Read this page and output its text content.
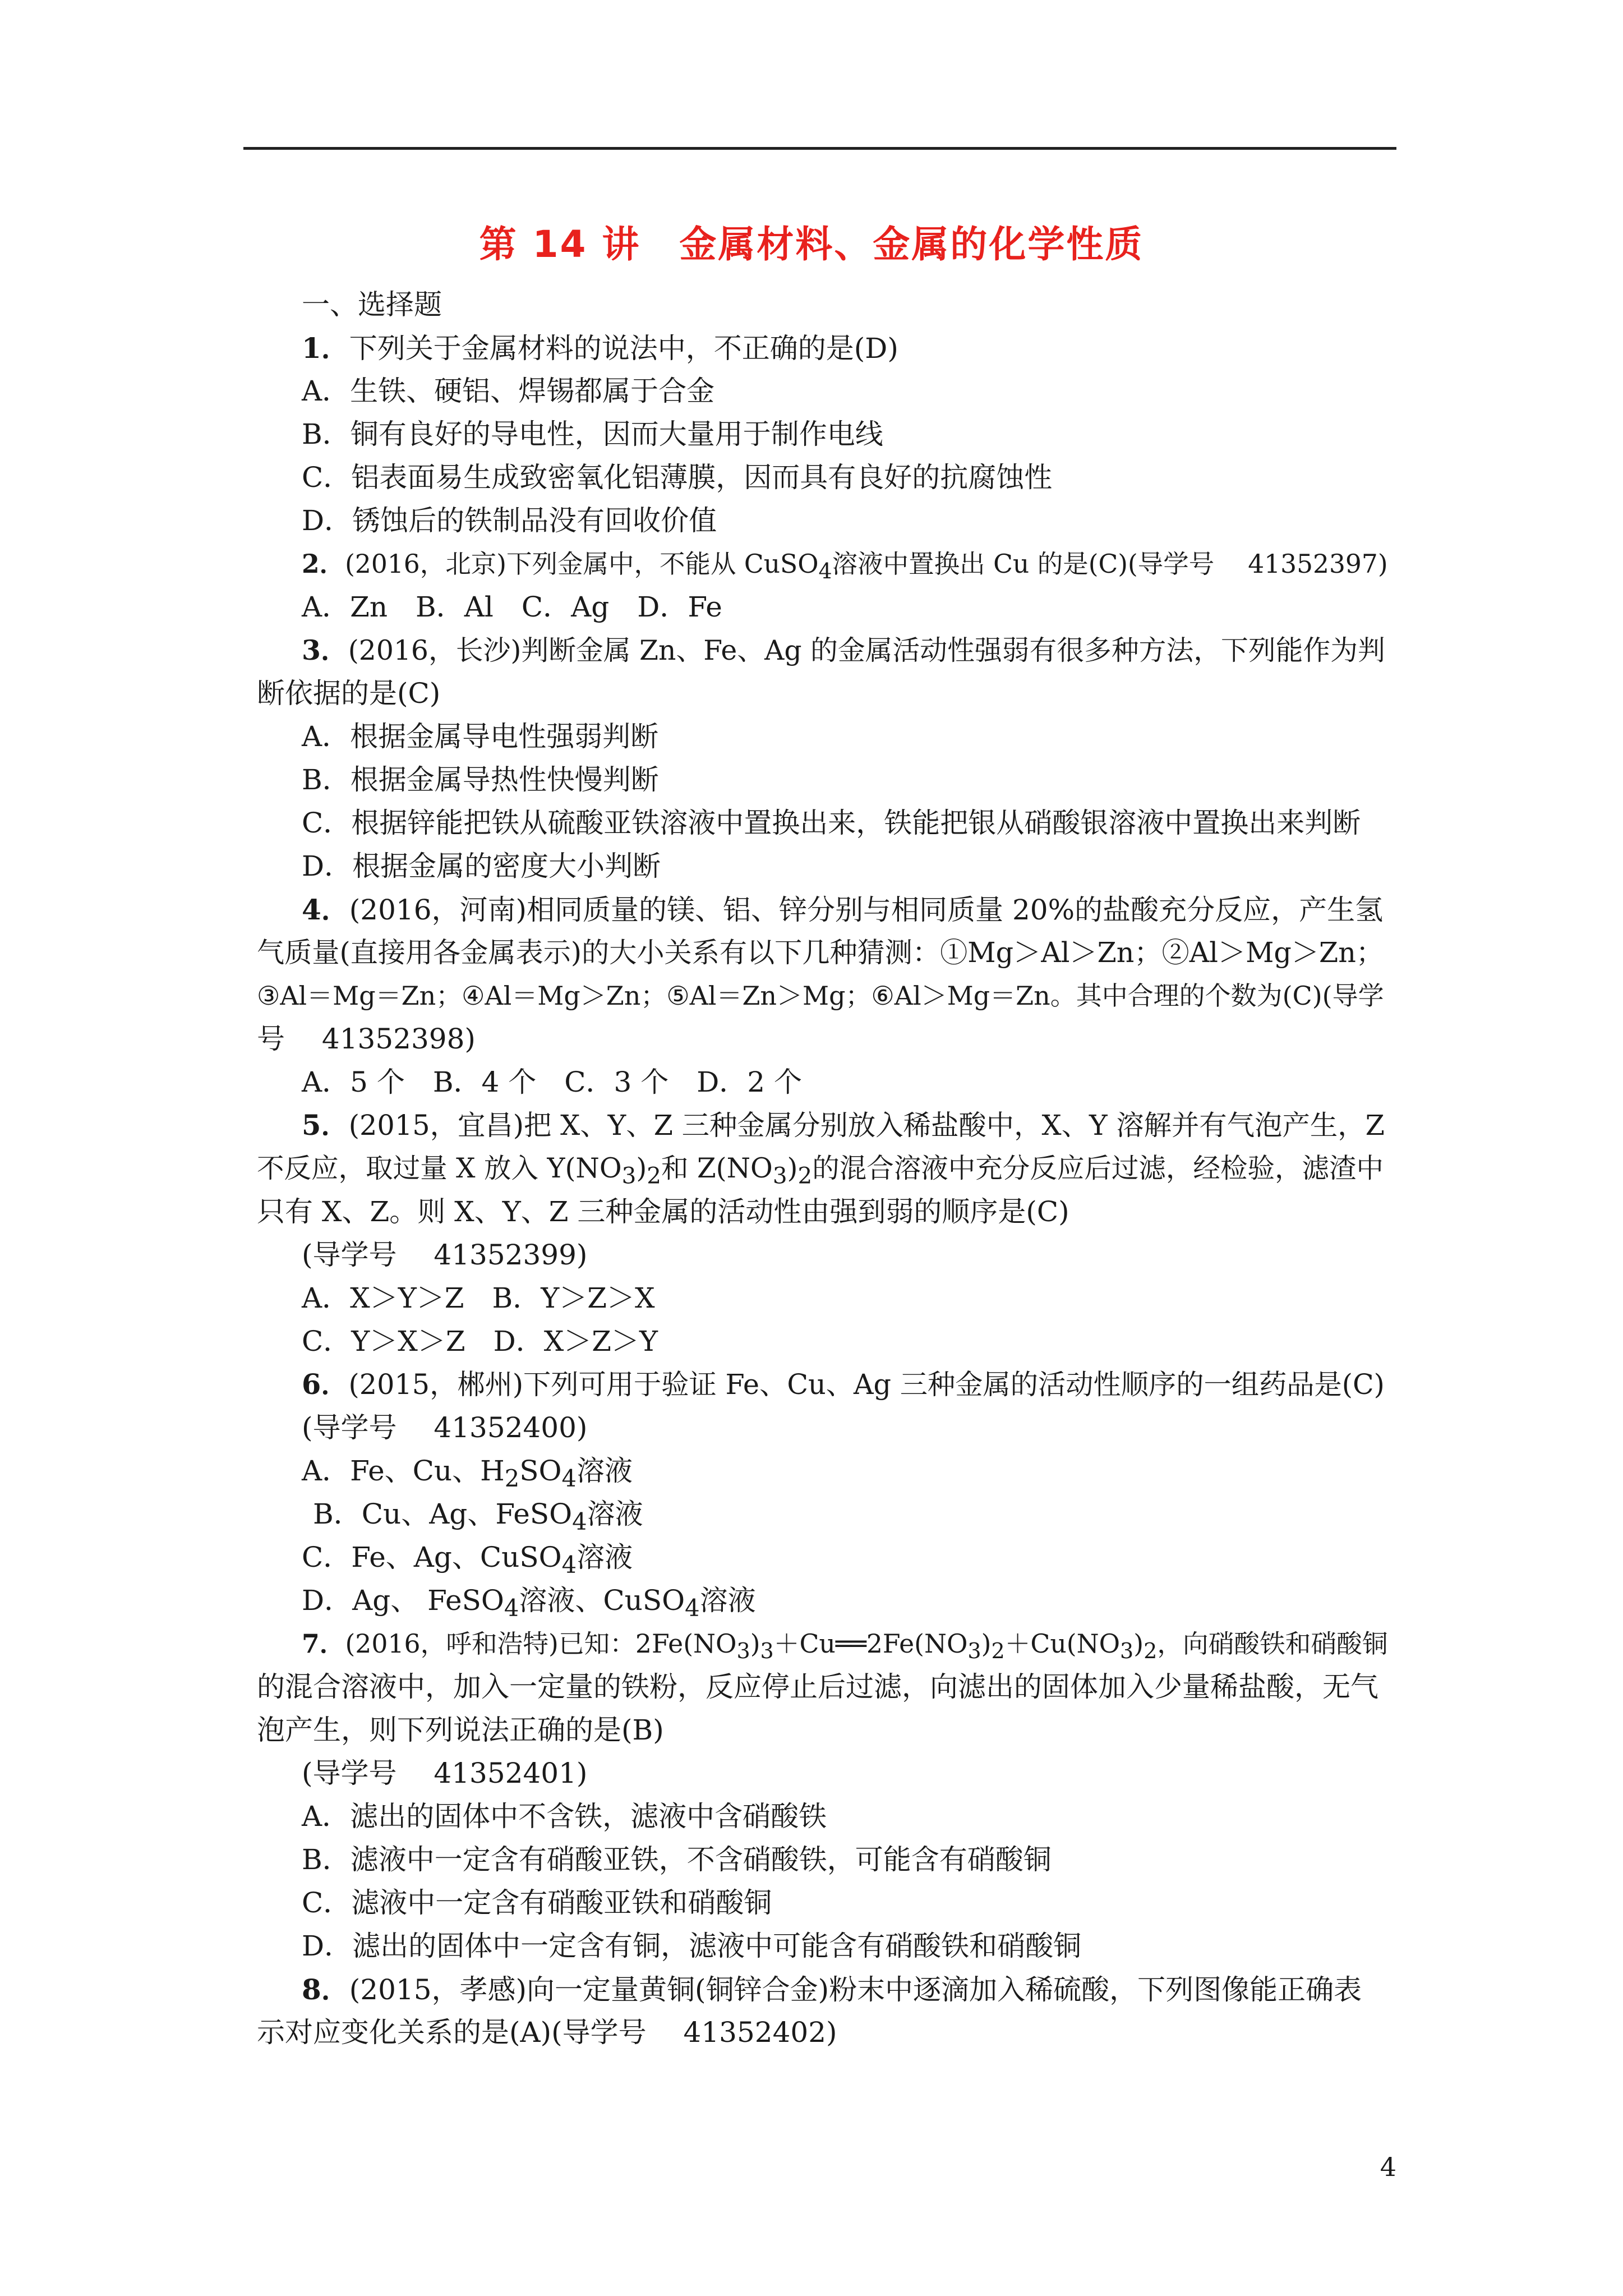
第 14 讲　金属材料、金属的化学性质
一、选择题
1．下列关于金属材料的说法中，不正确的是(D)
A．生铁、硬铝、焊锡都属于合金
B．铜有良好的导电性，因而大量用于制作电线
C．铝表面易生成致密氧化铝薄膜，因而具有良好的抗腐蚀性
D．锈蚀后的铁制品没有回收价值
2．(2016，北京)下列金属中，不能从 CuSO$_4$溶液中置换出 Cu 的是(C)(导学号　 41352397)
A．Zn　B．Al　C．Ag　D．Fe
3．(2016，长沙)判断金属 Zn、Fe、Ag 的金属活动性强弱有很多种方法，下列能作为判
断依据的是(C)
A．根据金属导电性强弱判断
B．根据金属导热性快慢判断
C．根据锌能把铁从硫酸亚铁溶液中置换出来，铁能把银从硝酸银溶液中置换出来判断
D．根据金属的密度大小判断
4．(2016，河南)相同质量的镁、铝、锌分别与相同质量 20%的盐酸充分反应，产生氢
气质量(直接用各金属表示)的大小关系有以下几种猜测：①Mg＞Al＞Zn；②Al＞Mg＞Zn；
③Al＝Mg＝Zn；④Al＝Mg＞Zn；⑤Al＝Zn＞Mg；⑥Al＞Mg＝Zn。其中合理的个数为(C)(导学
号　 41352398)
A．5 个　B．4 个　C．3 个　D．2 个
5．(2015，宜昌)把 X、Y、Z 三种金属分别放入稀盐酸中，X、Y 溶解并有气泡产生，Z
不反应，取过量 X 放入 $Y(NO_3)_2$和 $Z(NO_3)_2$的混合溶液中充分反应后过滤，经检验，滤渣中
只有 X、Z。则 X、Y、Z 三种金属的活动性由强到弱的顺序是(C)
(导学号　 41352399)
A．X＞Y＞Z　B．Y＞Z＞X
C．Y＞X＞Z　D．X＞Z＞Y
6．(2015，郴州)下列可用于验证 Fe、Cu、Ag 三种金属的活动性顺序的一组药品是(C)
(导学号　 41352400)
A．Fe、Cu、$H_2SO_4$溶液
B．Cu、Ag、FeSO$_4$溶液
C．Fe、Ag、CuSO$_4$溶液
D．Ag、 FeSO$_4$溶液、CuSO$_4$溶液
7．(2016，呼和浩特)已知：$2Fe(NO_3)_3+Cu══2Fe(NO_3)_2+Cu(NO_3)_2$，向硝酸铁和硝酸铜
的混合溶液中，加入一定量的铁粉，反应停止后过滤，向滤出的固体加入少量稀盐酸，无气
泡产生，则下列说法正确的是(B)
(导学号　 41352401)
A．滤出的固体中不含铁，滤液中含硝酸铁
B．滤液中一定含有硝酸亚铁，不含硝酸铁，可能含有硝酸铜
C．滤液中一定含有硝酸亚铁和硝酸铜
D．滤出的固体中一定含有铜，滤液中可能含有硝酸铁和硝酸铜
8．(2015，孝感)向一定量黄铜(铜锌合金)粉末中逐滴加入稀硫酸，下列图像能正确表
示对应变化关系的是(A)(导学号　 41352402)
4
